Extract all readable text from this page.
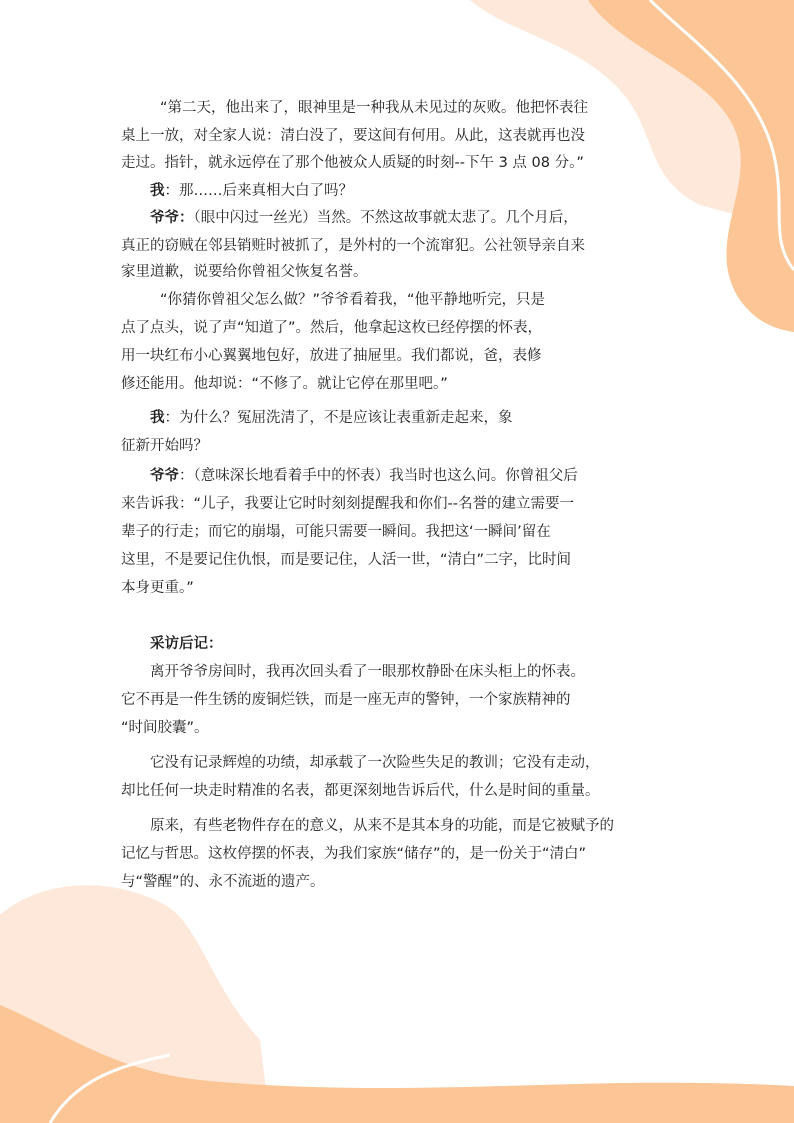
“第二天，他出来了，眼神里是一种我从未见过的灰败。他把怀表往
桌上一放，对全家人说：清白没了，要这间有何用。从此，这表就再也没
走过。指针，就永远停在了那个他被众人质疑的时刻--下午 3 点 08 分。”
我：那……后来真相大白了吗？
爷爷：（眼中闪过一丝光）当然。不然这故事就太悲了。几个月后，
真正的窃贼在邻县销赃时被抓了，是外村的一个流窜犯。公社领导亲自来
家里道歉，说要给你曾祖父恢复名誉。
“你猜你曾祖父怎么做？”爷爷看着我，“他平静地听完，只是
点了点头，说了声“知道了”。然后，他拿起这枚已经停摆的怀表，
用一块红布小心翼翼地包好，放进了抽屉里。我们都说，爸，表修
修还能用。他却说：“不修了。就让它停在那里吧。”
我：为什么？冤屈洗清了，不是应该让表重新走起来，象
征新开始吗？
爷爷：（意味深长地看着手中的怀表）我当时也这么问。你曾祖父后
来告诉我：“儿子，我要让它时时刻刻提醒我和你们--名誉的建立需要一
辈子的行走；而它的崩塌，可能只需要一瞬间。我把这‘一瞬间’留在
这里，不是要记住仇恨，而是要记住，人活一世，“清白”二字，比时间
本身更重。”
采访后记：
离开爷爷房间时，我再次回头看了一眼那枚静卧在床头柜上的怀表。
它不再是一件生锈的废铜烂铁，而是一座无声的警钟，一个家族精神的
“时间胶囊”。
它没有记录辉煌的功绩，却承载了一次险些失足的教训；它没有走动，
却比任何一块走时精准的名表，都更深刻地告诉后代，什么是时间的重量。
原来，有些老物件存在的意义，从来不是其本身的功能，而是它被赋予的
记忆与哲思。这枚停摆的怀表，为我们家族“储存”的，是一份关于“清白”
与“警醒”的、永不流逝的遗产。
